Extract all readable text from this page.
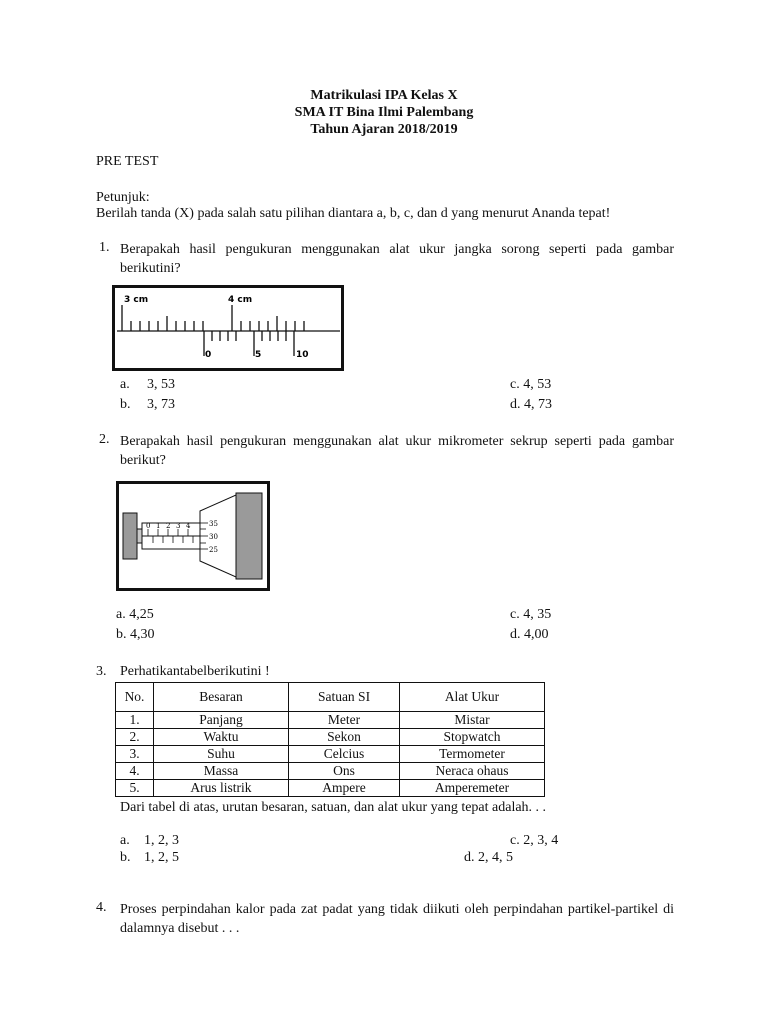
Matrikulasi IPA Kelas X
SMA IT Bina Ilmi Palembang
Tahun Ajaran 2018/2019
PRE TEST
Petunjuk:
Berilah tanda (X) pada salah satu pilihan diantara a, b, c, dan d yang menurut Ananda tepat!
1. Berapakah hasil pengukuran menggunakan alat ukur jangka sorong seperti pada gambar berikutini?
3 cm	4 cm
0	5	10
a. 3, 53
b. 3, 73
c. 4, 53
d. 4, 73
2. Berapakah hasil pengukuran menggunakan alat ukur mikrometer sekrup seperti pada gambar berikut?
0 1 2 3 4	35
30
25
a. 4,25
b. 4,30
c. 4, 35
d. 4,00
3. Perhatikantabelberikutini !
No.	Besaran	Satuan SI	Alat Ukur
1.	Panjang	Meter	Mistar
2.	Waktu	Sekon	Stopwatch
3.	Suhu	Celcius	Termometer
4.	Massa	Ons	Neraca ohaus
5.	Arus listrik	Ampere	Amperemeter
Dari tabel di atas, urutan besaran, satuan, dan alat ukur yang tepat adalah. . .
a. 1, 2, 3
b. 1, 2, 5
c. 2, 3, 4
d. 2, 4, 5
4. Proses perpindahan kalor pada zat padat yang tidak diikuti oleh perpindahan partikel-partikel di dalamnya disebut . . .
